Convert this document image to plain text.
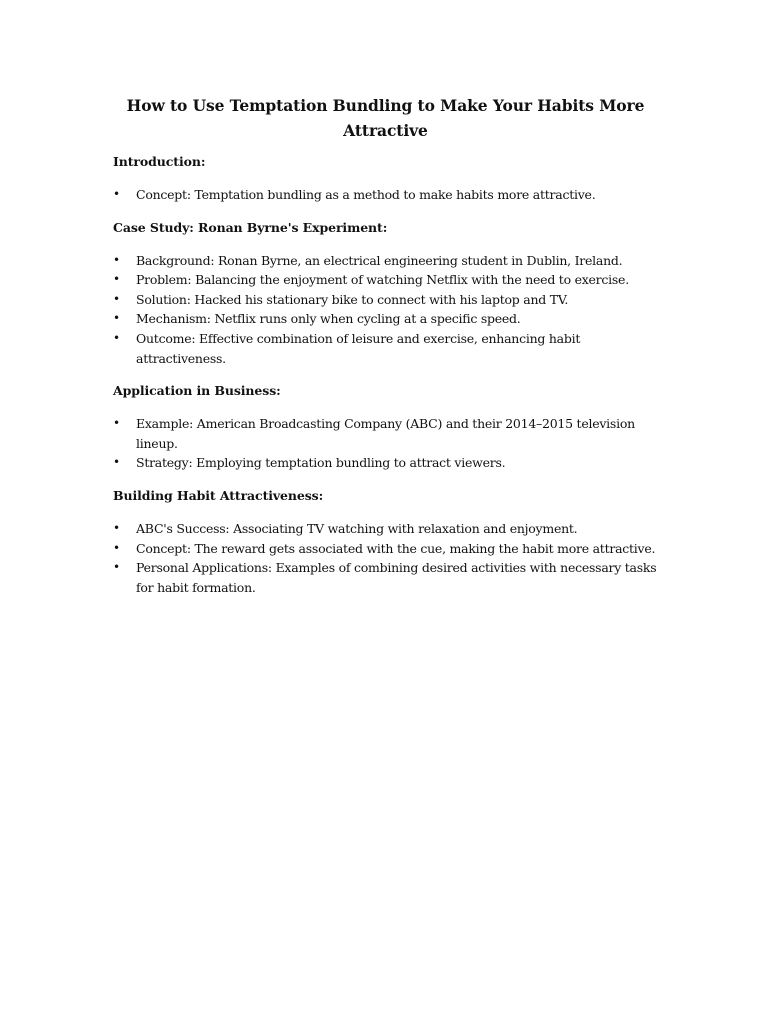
How to Use Temptation Bundling to Make Your Habits More Attractive
Introduction:
• Concept: Temptation bundling as a method to make habits more attractive.
Case Study: Ronan Byrne's Experiment:
• Background: Ronan Byrne, an electrical engineering student in Dublin, Ireland.
• Problem: Balancing the enjoyment of watching Netflix with the need to exercise.
• Solution: Hacked his stationary bike to connect with his laptop and TV.
• Mechanism: Netflix runs only when cycling at a specific speed.
• Outcome: Effective combination of leisure and exercise, enhancing habit attractiveness.
Application in Business:
• Example: American Broadcasting Company (ABC) and their 2014–2015 television lineup.
• Strategy: Employing temptation bundling to attract viewers.
Building Habit Attractiveness:
• ABC's Success: Associating TV watching with relaxation and enjoyment.
• Concept: The reward gets associated with the cue, making the habit more attractive.
• Personal Applications: Examples of combining desired activities with necessary tasks for habit formation.
